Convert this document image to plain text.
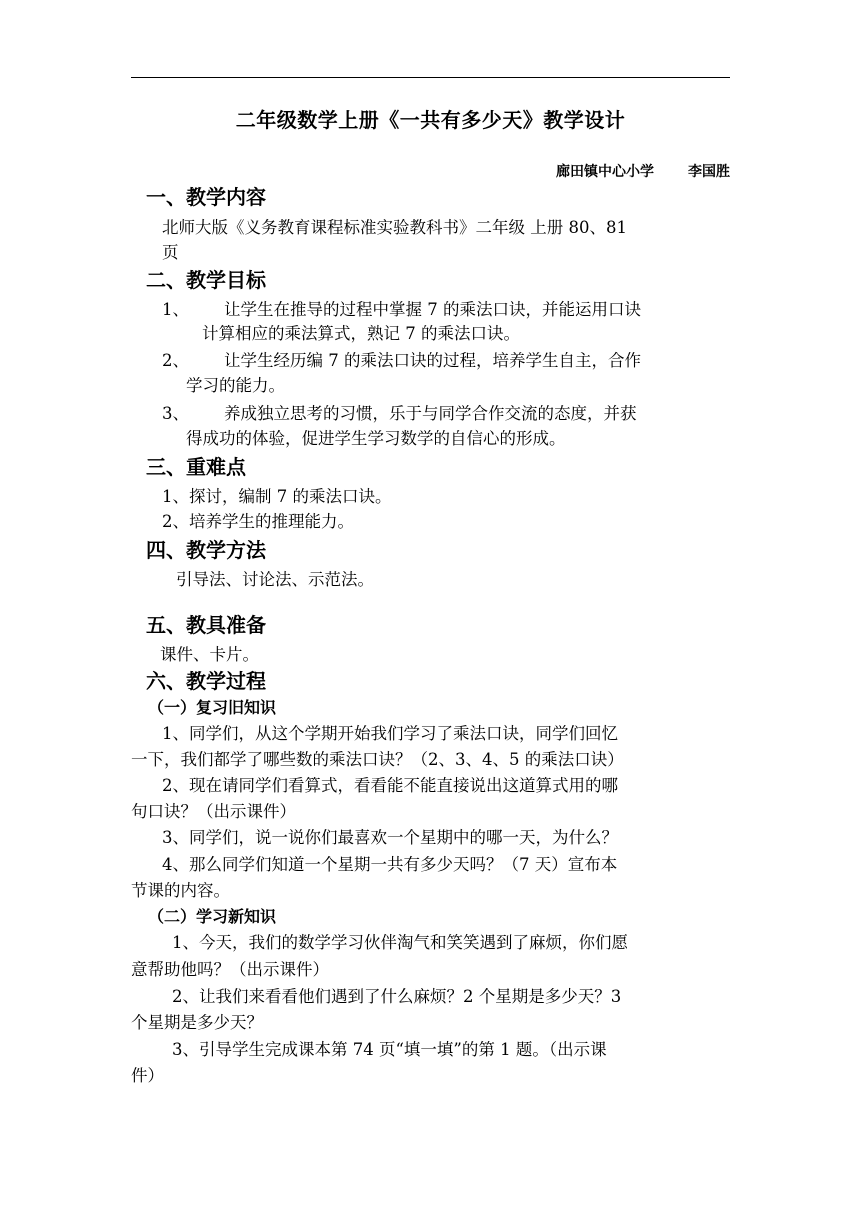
二年级数学上册《一共有多少天》教学设计
廊田镇中心小学 李国胜
一、教学内容
北师大版《义务教育课程标准实验教科书》二年级 上册 80、81
页
二、教学目标
1、 让学生在推导的过程中掌握 7 的乘法口诀，并能运用口诀
计算相应的乘法算式，熟记 7 的乘法口诀。
2、 让学生经历编 7 的乘法口诀的过程，培养学生自主，合作
学习的能力。
3、 养成独立思考的习惯，乐于与同学合作交流的态度，并获
得成功的体验，促进学生学习数学的自信心的形成。
三、重难点
1、探讨，编制 7 的乘法口诀。
2、培养学生的推理能力。
四、教学方法
引导法、讨论法、示范法。
五、教具准备
课件、卡片。
六、教学过程
（一）复习旧知识
1、同学们，从这个学期开始我们学习了乘法口诀，同学们回忆
一下，我们都学了哪些数的乘法口诀？（2、3、4、5 的乘法口诀）
2、现在请同学们看算式，看看能不能直接说出这道算式用的哪
句口诀？（出示课件）
3、同学们，说一说你们最喜欢一个星期中的哪一天，为什么？
4、那么同学们知道一个星期一共有多少天吗？（7 天）宣布本
节课的内容。
（二）学习新知识
1、今天，我们的数学学习伙伴淘气和笑笑遇到了麻烦，你们愿
意帮助他吗？（出示课件）
2、让我们来看看他们遇到了什么麻烦？2 个星期是多少天？3
个星期是多少天？
3、引导学生完成课本第 74 页“填一填”的第 1 题。（出示课
件）
